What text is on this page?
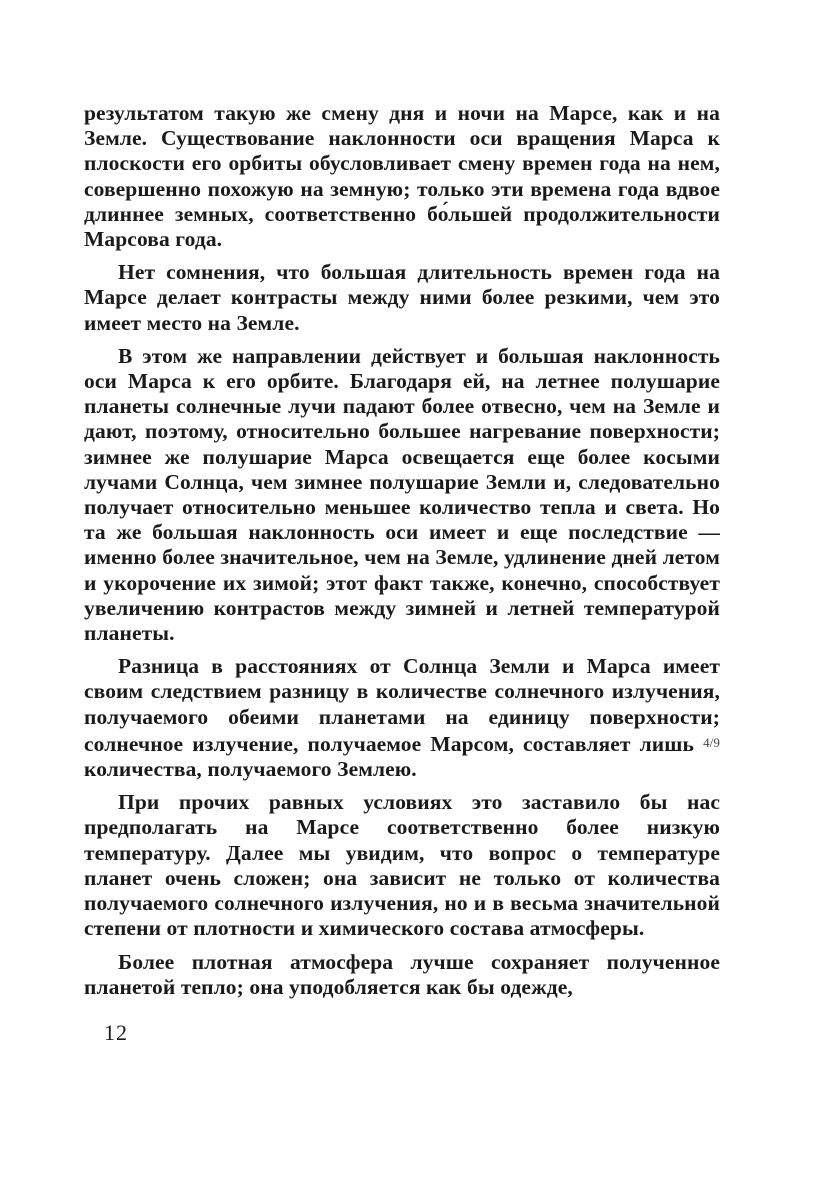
результатом такую же смену дня и ночи на Марсе, как и на Земле. Существование наклонности оси вращения Марса к плоскости его орбиты обусловливает смену времен года на нем, совершенно похожую на земную; только эти времена года вдвое длиннее земных, соответственно бо́льшей продолжительности Марсова года.

Нет сомнения, что большая длительность времен года на Марсе делает контрасты между ними более резкими, чем это имеет место на Земле.

В этом же направлении действует и большая наклонность оси Марса к его орбите. Благодаря ей, на летнее полушарие планеты солнечные лучи падают более отвесно, чем на Земле и дают, поэтому, относительно большее нагревание поверхности; зимнее же полушарие Марса освещается еще более косыми лучами Солнца, чем зимнее полушарие Земли и, следовательно получает относительно меньшее количество тепла и света. Но та же большая наклонность оси имеет и еще последствие — именно более значительное, чем на Земле, удлинение дней летом и укорочение их зимой; этот факт также, конечно, способствует увеличению контрастов между зимней и летней температурой планеты.

Разница в расстояниях от Солнца Земли и Марса имеет своим следствием разницу в количестве солнечного излучения, получаемого обеими планетами на единицу поверхности; солнечное излучение, получаемое Марсом, составляет лишь 4/9 количества, получаемого Землею.

При прочих равных условиях это заставило бы нас предполагать на Марсе соответственно более низкую температуру. Далее мы увидим, что вопрос о температуре планет очень сложен; она зависит не только от количества получаемого солнечного излучения, но и в весьма значительной степени от плотности и химического состава атмосферы.

Более плотная атмосфера лучше сохраняет полученное планетой тепло; она уподобляется как бы одежде,

12
